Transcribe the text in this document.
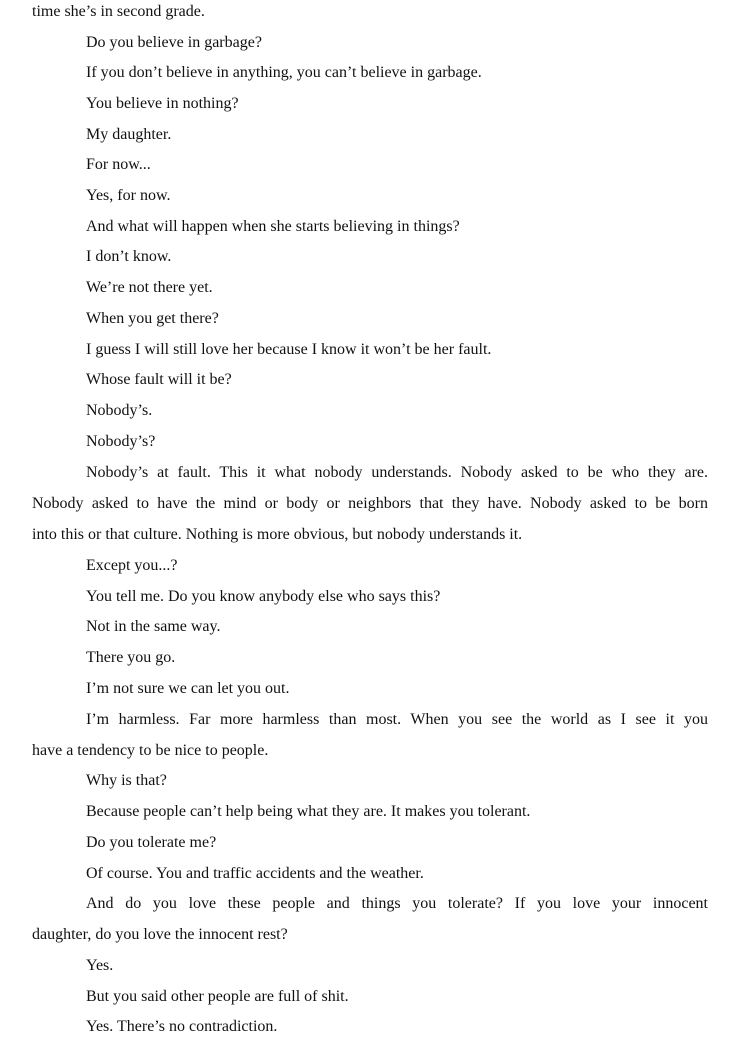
time she’s in second grade.
Do you believe in garbage?
If you don’t believe in anything, you can’t believe in garbage.
You believe in nothing?
My daughter.
For now...
Yes, for now.
And what will happen when she starts believing in things?
I don’t know.
We’re not there yet.
When you get there?
I guess I will still love her because I know it won’t be her fault.
Whose fault will it be?
Nobody’s.
Nobody’s?
Nobody’s at fault. This it what nobody understands. Nobody asked to be who they are.
Nobody asked to have the mind or body or neighbors that they have. Nobody asked to be born
into this or that culture. Nothing is more obvious, but nobody understands it.
Except you...?
You tell me. Do you know anybody else who says this?
Not in the same way.
There you go.
I’m not sure we can let you out.
I’m harmless. Far more harmless than most. When you see the world as I see it you
have a tendency to be nice to people.
Why is that?
Because people can’t help being what they are. It makes you tolerant.
Do you tolerate me?
Of course. You and traffic accidents and the weather.
And do you love these people and things you tolerate? If you love your innocent
daughter, do you love the innocent rest?
Yes.
But you said other people are full of shit.
Yes. There’s no contradiction.
